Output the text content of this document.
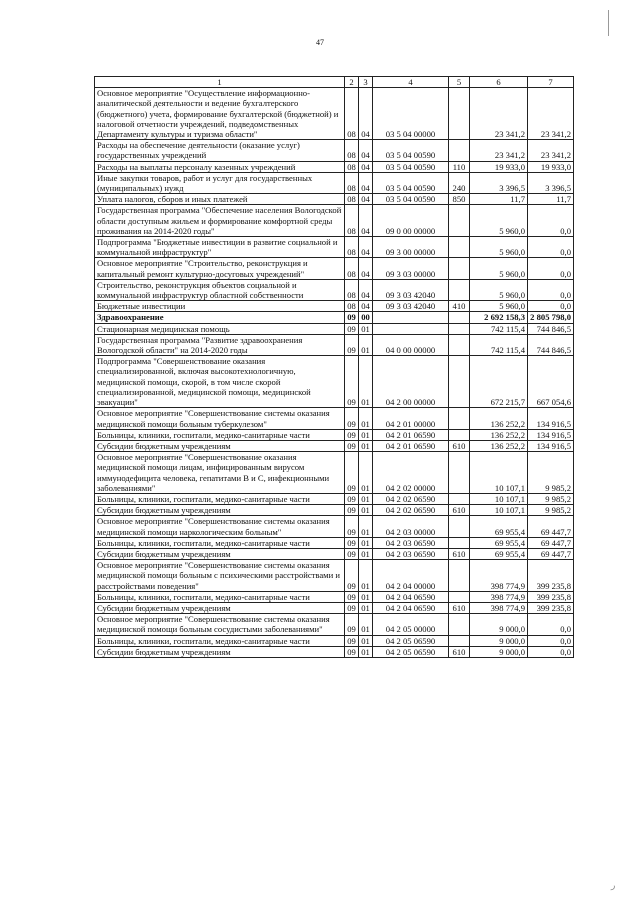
47
1	2	3	4	5	6	7
Основное мероприятие "Осуществление информационно-аналитической деятельности и ведение бухгалтерского (бюджетного) учета, формирование бухгалтерской (бюджетной) и налоговой отчетности учреждений, подведомственных Департаменту культуры и туризма области"	08	04	03 5 04 00000		23 341,2	23 341,2
Расходы на обеспечение деятельности (оказание услуг) государственных учреждений	08	04	03 5 04 00590		23 341,2	23 341,2
Расходы на выплаты персоналу казенных учреждений	08	04	03 5 04 00590	110	19 933,0	19 933,0
Иные закупки товаров, работ и услуг для государственных (муниципальных) нужд	08	04	03 5 04 00590	240	3 396,5	3 396,5
Уплата налогов, сборов и иных платежей	08	04	03 5 04 00590	850	11,7	11,7
Государственная программа "Обеспечение населения Вологодской области доступным жильем и формирование комфортной среды проживания на 2014-2020 годы"	08	04	09 0 00 00000		5 960,0	0,0
Подпрограмма "Бюджетные инвестиции в развитие социальной и коммунальной инфраструктур"	08	04	09 3 00 00000		5 960,0	0,0
Основное мероприятие "Строительство, реконструкция и капитальный ремонт культурно-досуговых учреждений"	08	04	09 3 03 00000		5 960,0	0,0
Строительство, реконструкция объектов социальной и коммунальной инфраструктур областной собственности	08	04	09 3 03 42040		5 960,0	0,0
Бюджетные инвестиции	08	04	09 3 03 42040	410	5 960,0	0,0
Здравоохранение	09	00			2 692 158,3	2 805 798,0
Стационарная медицинская помощь	09	01			742 115,4	744 846,5
Государственная программа "Развитие здравоохранения Вологодской области" на 2014-2020 годы	09	01	04 0 00 00000		742 115,4	744 846,5
Подпрограмма "Совершенствование оказания специализированной, включая высокотехнологичную, медицинской помощи, скорой, в том числе скорой специализированной, медицинской помощи, медицинской эвакуации"	09	01	04 2 00 00000		672 215,7	667 054,6
Основное мероприятие "Совершенствование системы оказания медицинской помощи больным туберкулезом"	09	01	04 2 01 00000		136 252,2	134 916,5
Больницы, клиники, госпитали, медико-санитарные части	09	01	04 2 01 06590		136 252,2	134 916,5
Субсидии бюджетным учреждениям	09	01	04 2 01 06590	610	136 252,2	134 916,5
Основное мероприятие "Совершенствование оказания медицинской помощи лицам, инфицированным вирусом иммунодефицита человека, гепатитами В и С, инфекционными заболеваниями"	09	01	04 2 02 00000		10 107,1	9 985,2
Больницы, клиники, госпитали, медико-санитарные части	09	01	04 2 02 06590		10 107,1	9 985,2
Субсидии бюджетным учреждениям	09	01	04 2 02 06590	610	10 107,1	9 985,2
Основное мероприятие "Совершенствование системы оказания медицинской помощи наркологическим больным"	09	01	04 2 03 00000		69 955,4	69 447,7
Больницы, клиники, госпитали, медико-санитарные части	09	01	04 2 03 06590		69 955,4	69 447,7
Субсидии бюджетным учреждениям	09	01	04 2 03 06590	610	69 955,4	69 447,7
Основное мероприятие "Совершенствование системы оказания медицинской помощи больным с психическими расстройствами и расстройствами поведения"	09	01	04 2 04 00000		398 774,9	399 235,8
Больницы, клиники, госпитали, медико-санитарные части	09	01	04 2 04 06590		398 774,9	399 235,8
Субсидии бюджетным учреждениям	09	01	04 2 04 06590	610	398 774,9	399 235,8
Основное мероприятие "Совершенствование системы оказания медицинской помощи больным сосудистыми заболеваниями"	09	01	04 2 05 00000		9 000,0	0,0
Больницы, клиники, госпитали, медико-санитарные части	09	01	04 2 05 06590		9 000,0	0,0
Субсидии бюджетным учреждениям	09	01	04 2 05 06590	610	9 000,0	0,0
ر
